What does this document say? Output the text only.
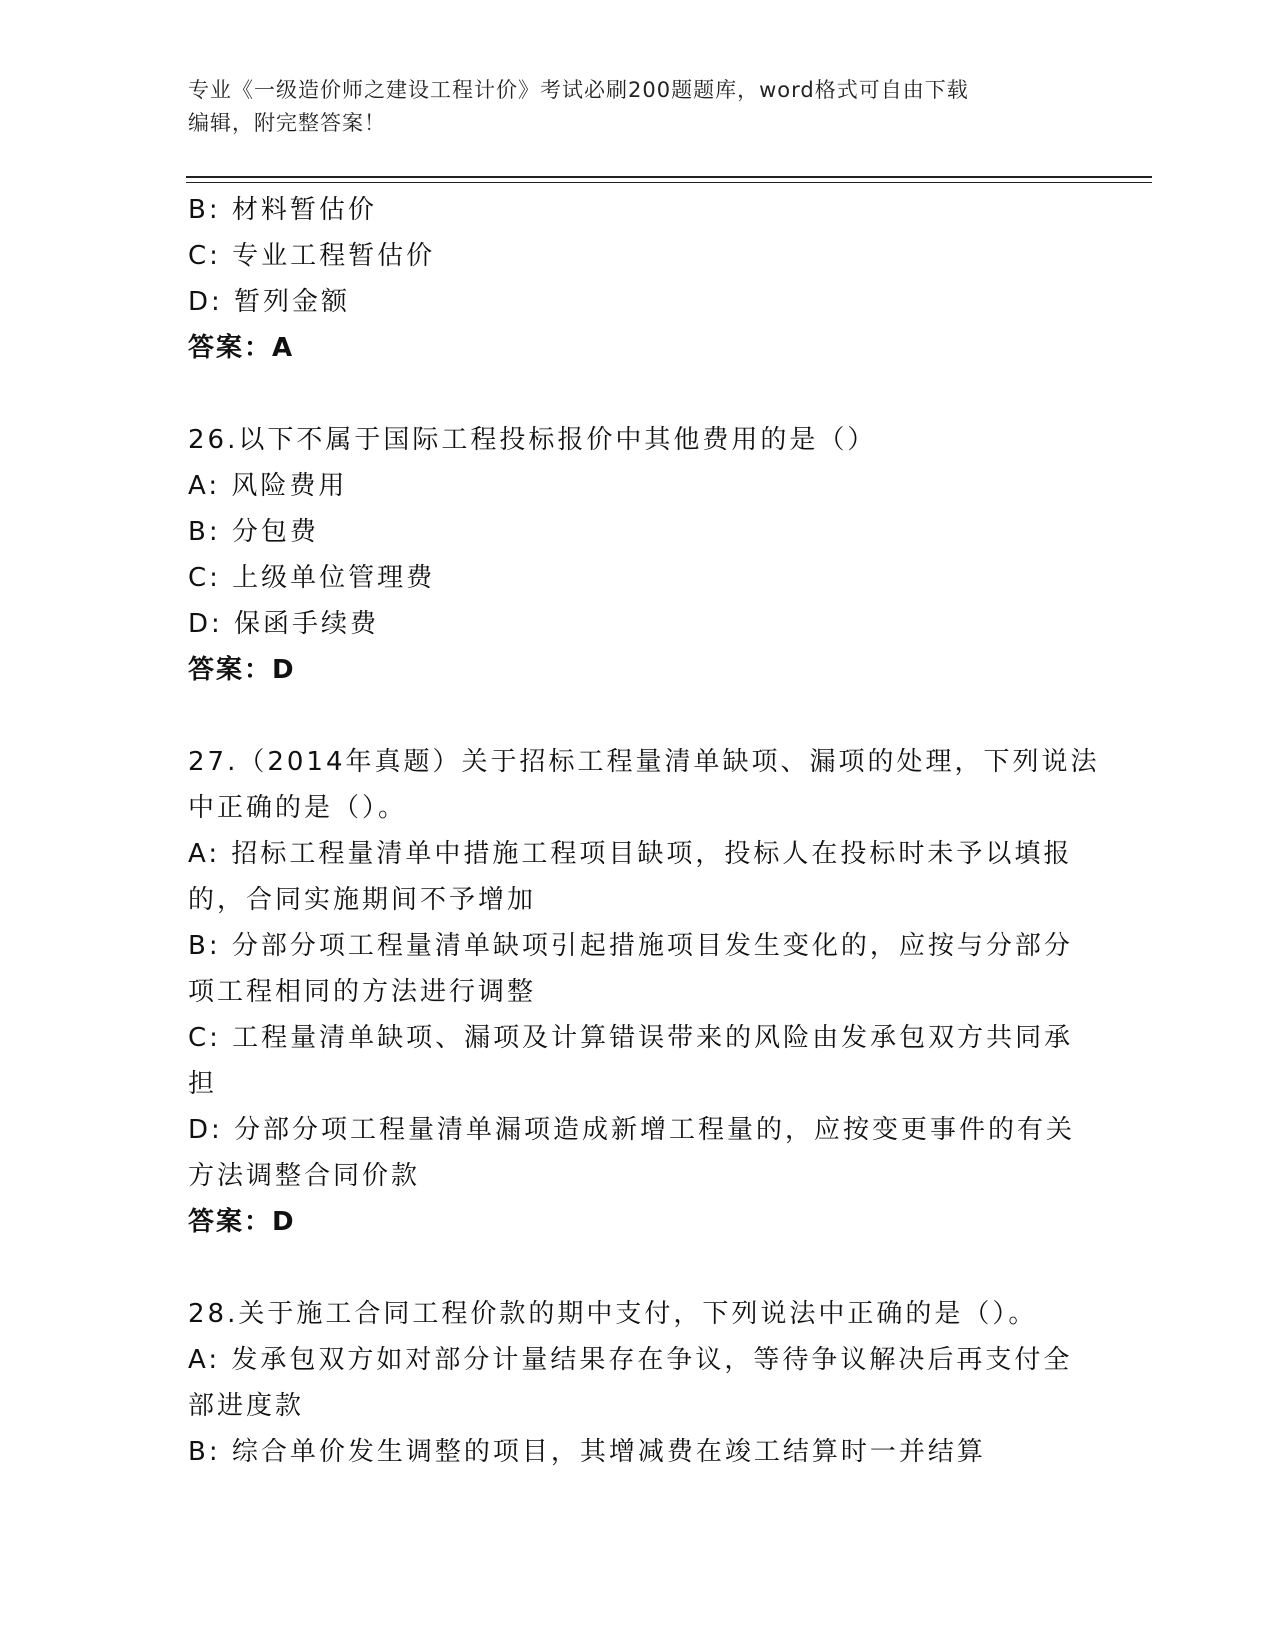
专业《一级造价师之建设工程计价》考试必刷200题题库，word格式可自由下载
编辑，附完整答案！
B: 材料暂估价
C: 专业工程暂估价
D: 暂列金额
答案：A
26.以下不属于国际工程投标报价中其他费用的是（）
A: 风险费用
B: 分包费
C: 上级单位管理费
D: 保函手续费
答案：D
27.（2014年真题）关于招标工程量清单缺项、漏项的处理，下列说法
中正确的是（）。
A: 招标工程量清单中措施工程项目缺项，投标人在投标时未予以填报
的，合同实施期间不予增加
B: 分部分项工程量清单缺项引起措施项目发生变化的，应按与分部分
项工程相同的方法进行调整
C: 工程量清单缺项、漏项及计算错误带来的风险由发承包双方共同承
担
D: 分部分项工程量清单漏项造成新增工程量的，应按变更事件的有关
方法调整合同价款
答案：D
28.关于施工合同工程价款的期中支付，下列说法中正确的是（）。
A: 发承包双方如对部分计量结果存在争议，等待争议解决后再支付全
部进度款
B: 综合单价发生调整的项目，其增减费在竣工结算时一并结算
